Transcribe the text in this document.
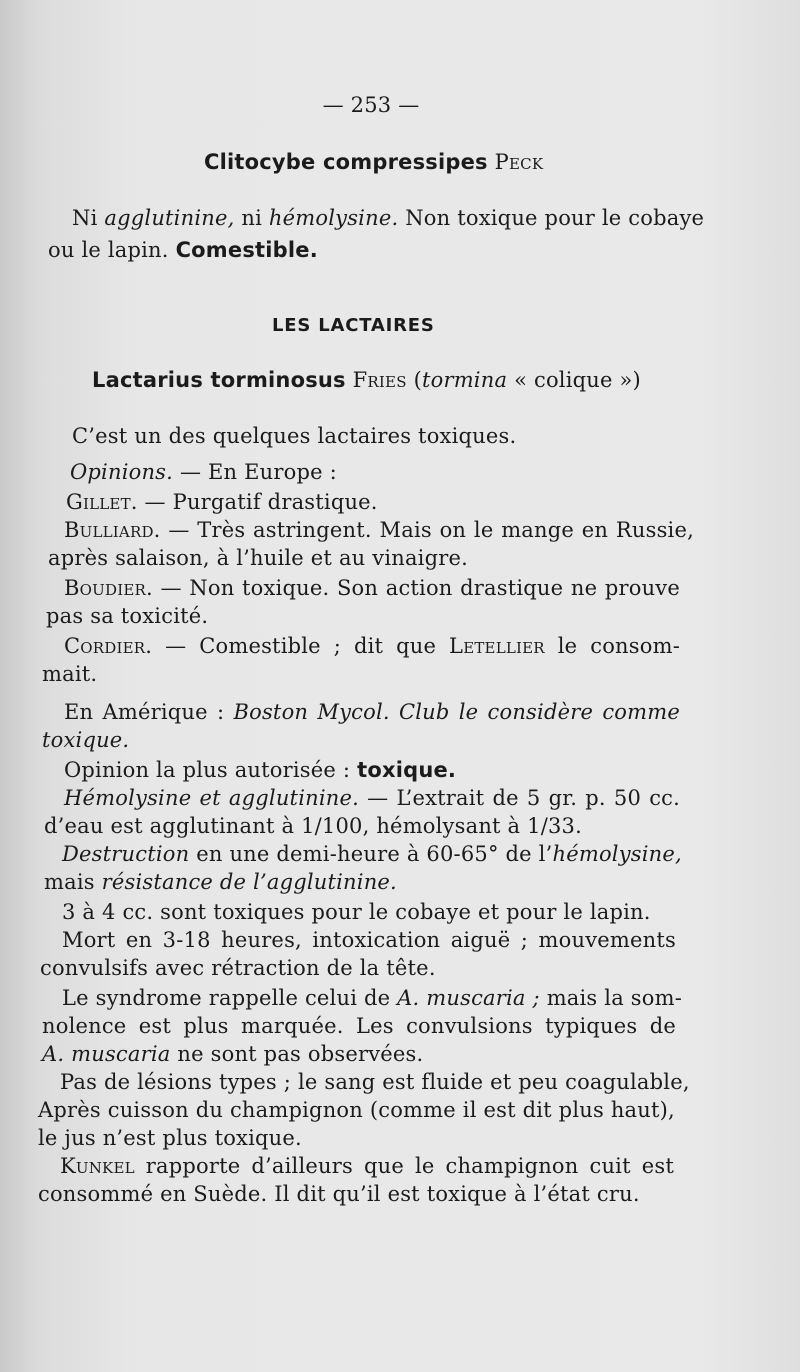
— 253 —
Clitocybe compressipes Peck
Ni agglutinine, ni hémolysine. Non toxique pour le cobaye
ou le lapin. Comestible.
LES LACTAIRES
Lactarius torminosus Fries (tormina « colique »)
C’est un des quelques lactaires toxiques.
Opinions. — En Europe :
Gillet. — Purgatif drastique.
Bulliard. — Très astringent. Mais on le mange en Russie,
après salaison, à l’huile et au vinaigre.
Boudier. — Non toxique. Son action drastique ne prouve
pas sa toxicité.
Cordier. — Comestible ; dit que Letellier le consom-
mait.
En Amérique : Boston Mycol. Club le considère comme
toxique.
Opinion la plus autorisée : toxique.
Hémolysine et agglutinine. — L’extrait de 5 gr. p. 50 cc.
d’eau est agglutinant à 1/100, hémolysant à 1/33.
Destruction en une demi-heure à 60-65° de l’hémolysine,
mais résistance de l’agglutinine.
3 à 4 cc. sont toxiques pour le cobaye et pour le lapin.
Mort en 3-18 heures, intoxication aiguë ; mouvements
convulsifs avec rétraction de la tête.
Le syndrome rappelle celui de A. muscaria ; mais la som-
nolence est plus marquée. Les convulsions typiques de
A. muscaria ne sont pas observées.
Pas de lésions types ; le sang est fluide et peu coagulable,
Après cuisson du champignon (comme il est dit plus haut),
le jus n’est plus toxique.
Kunkel rapporte d’ailleurs que le champignon cuit est
consommé en Suède. Il dit qu’il est toxique à l’état cru.
